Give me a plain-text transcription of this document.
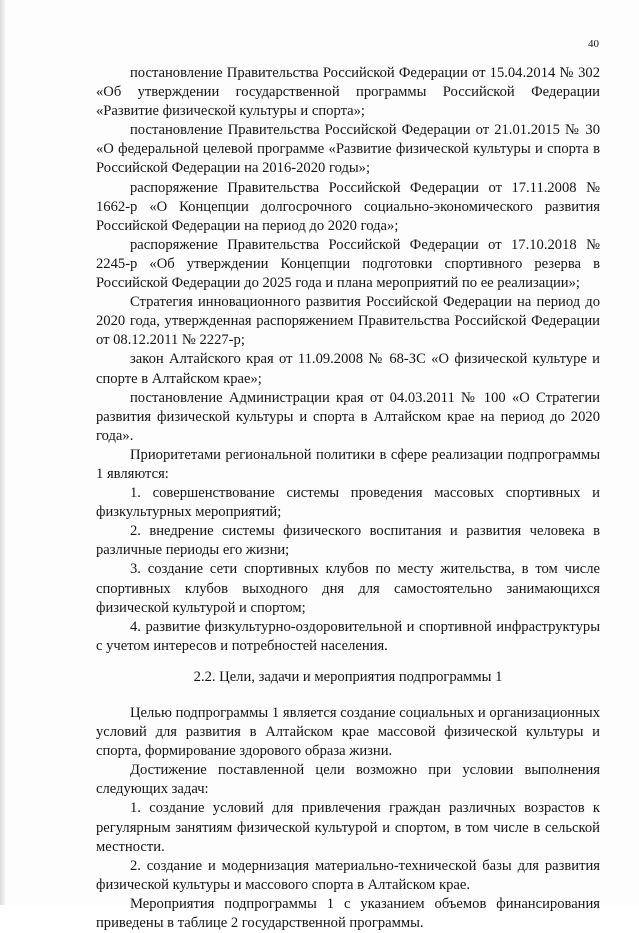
40

постановление Правительства Российской Федерации от 15.04.2014 № 302 «Об утверждении государственной программы Российской Федерации «Развитие физической культуры и спорта»;

постановление Правительства Российской Федерации от 21.01.2015 № 30 «О федеральной целевой программе «Развитие физической культуры и спорта в Российской Федерации на 2016-2020 годы»;

распоряжение Правительства Российской Федерации от 17.11.2008 № 1662-р «О Концепции долгосрочного социально-экономического развития Российской Федерации на период до 2020 года»;

распоряжение Правительства Российской Федерации от 17.10.2018 № 2245-р «Об утверждении Концепции подготовки спортивного резерва в Российской Федерации до 2025 года и плана мероприятий по ее реализации»;

Стратегия инновационного развития Российской Федерации на период до 2020 года, утвержденная распоряжением Правительства Российской Федерации от 08.12.2011 № 2227-р;

закон Алтайского края от 11.09.2008 № 68-ЗС «О физической культуре и спорте в Алтайском крае»;

постановление Администрации края от 04.03.2011 № 100 «О Стратегии развития физической культуры и спорта в Алтайском крае на период до 2020 года».

Приоритетами региональной политики в сфере реализации подпрограммы 1 являются:

1. совершенствование системы проведения массовых спортивных и физкультурных мероприятий;

2. внедрение системы физического воспитания и развития человека в различные периоды его жизни;

3. создание сети спортивных клубов по месту жительства, в том числе спортивных клубов выходного дня для самостоятельно занимающихся физической культурой и спортом;

4. развитие физкультурно-оздоровительной и спортивной инфраструктуры с учетом интересов и потребностей населения.

2.2. Цели, задачи и мероприятия подпрограммы 1

Целью подпрограммы 1 является создание социальных и организационных условий для развития в Алтайском крае массовой физической культуры и спорта, формирование здорового образа жизни.

Достижение поставленной цели возможно при условии выполнения следующих задач:

1. создание условий для привлечения граждан различных возрастов к регулярным занятиям физической культурой и спортом, в том числе в сельской местности.

2. создание и модернизация материально-технической базы для развития физической культуры и массового спорта в Алтайском крае.

Мероприятия подпрограммы 1 с указанием объемов финансирования приведены в таблице 2 государственной программы.
